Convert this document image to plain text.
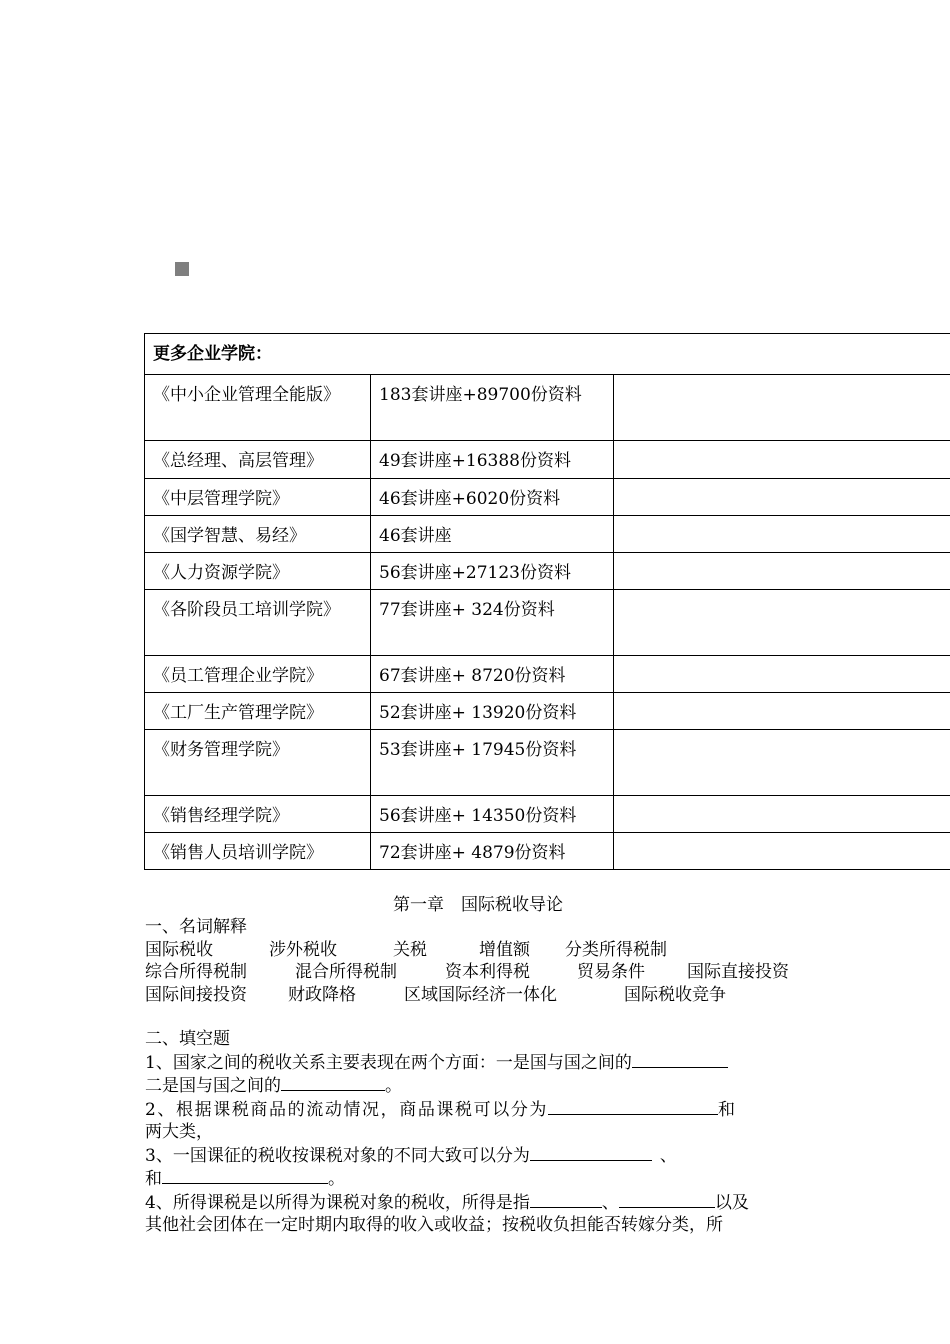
更多企业学院：		
《中小企业管理全能版》	183套讲座+89700份资料	
《总经理、高层管理》	49套讲座+16388份资料	
《中层管理学院》	46套讲座+6020份资料	
《国学智慧、易经》	46套讲座	
《人力资源学院》	56套讲座+27123份资料	
《各阶段员工培训学院》	77套讲座+ 324份资料	
《员工管理企业学院》	67套讲座+ 8720份资料	
《工厂生产管理学院》	52套讲座+ 13920份资料	
《财务管理学院》	53套讲座+ 17945份资料	
《销售经理学院》	56套讲座+ 14350份资料	
《销售人员培训学院》	72套讲座+ 4879份资料	
第一章　国际税收导论
一、名词解释
国际税收	涉外税收	关税	增值额 分类所得税制
综合所得税制	混合所得税制	资本利得税	贸易条件 国际直接投资
国际间接投资 财政降格	区域国际经济一体化	国际税收竞争
二、填空题
1、国家之间的税收关系主要表现在两个方面：一是国与国之间的
二是国与国之间的	。
2、根据课税商品的流动情况，商品课税可以分为	和
两大类，
3、一国课征的税收按课税对象的不同大致可以分为	、
和	。
4、所得课税是以所得为课税对象的税收，所得是指	、	以及
其他社会团体在一定时期内取得的收入或收益；按税收负担能否转嫁分类，所
